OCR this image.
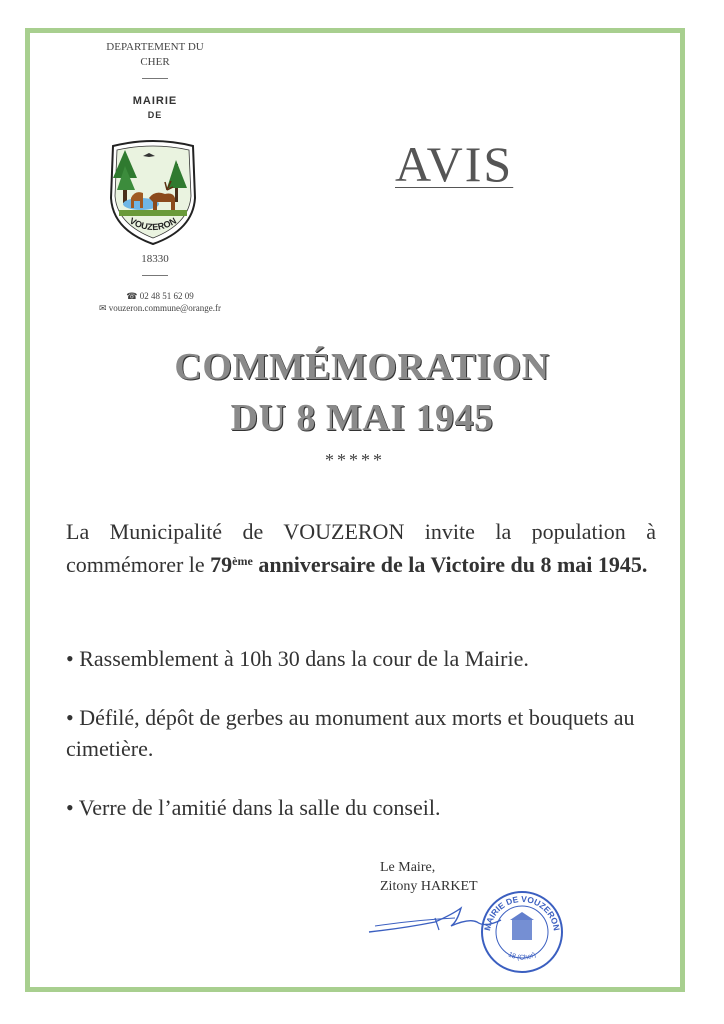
DEPARTEMENT DU
CHER
MAIRIE
DE
VOUZERON
18330
☎ 02 48 51 62 09
✉ vouzeron.commune@orange.fr
AVIS
COMMÉMORATION
DU 8 MAI 1945
*****
La Municipalité de VOUZERON invite la population à commémorer le 79ème anniversaire de la Victoire du 8 mai 1945.
• Rassemblement à 10h 30 dans la cour de la Mairie.
• Défilé, dépôt de gerbes au monument aux morts et bouquets au cimetière.
• Verre de l’amitié dans la salle du conseil.
Le Maire,
Zitony HARKET
MAIRIE DE VOUZERON
18 (Cher)
